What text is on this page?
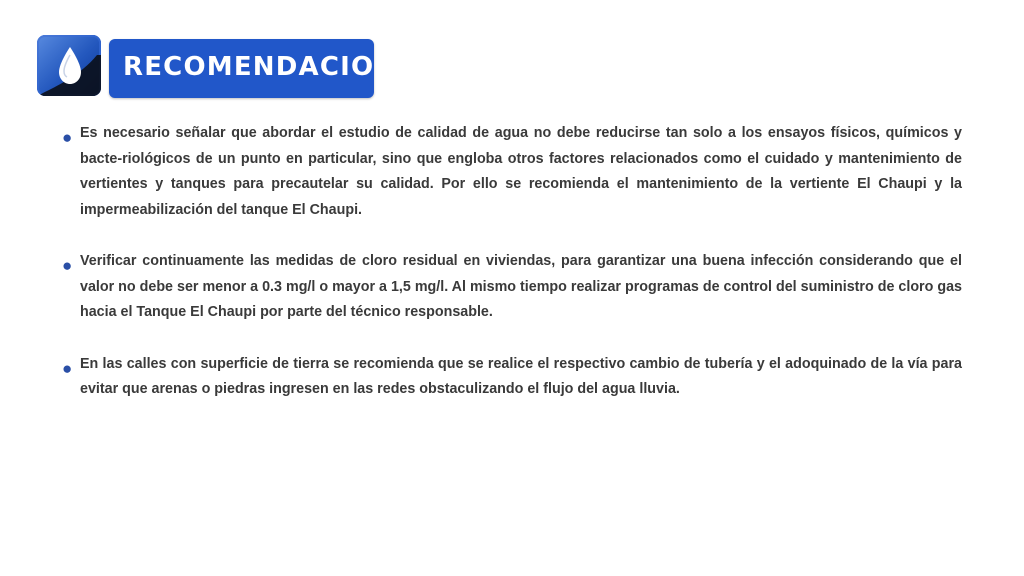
RECOMENDACIONES
● Es necesario señalar que abordar el estudio de calidad de agua no debe reducirse tan solo a los ensayos físicos, químicos y bacte-riológicos de un punto en particular, sino que engloba otros factores relacionados como el cuidado y mantenimiento de vertientes y tanques para precautelar su calidad. Por ello se recomienda el mantenimiento de la vertiente El Chaupi y la impermeabilización del tanque El Chaupi.

● Verificar continuamente las medidas de cloro residual en viviendas, para garantizar una buena infección considerando que el valor no debe ser menor a 0.3 mg/l o mayor a 1,5 mg/l. Al mismo tiempo realizar programas de control del suministro de cloro gas hacia el Tanque El Chaupi por parte del técnico responsable.

● En las calles con superficie de tierra se recomienda que se realice el respectivo cambio de tubería y el adoquinado de la vía para evitar que arenas o piedras ingresen en las redes obstaculizando el flujo del agua lluvia.
